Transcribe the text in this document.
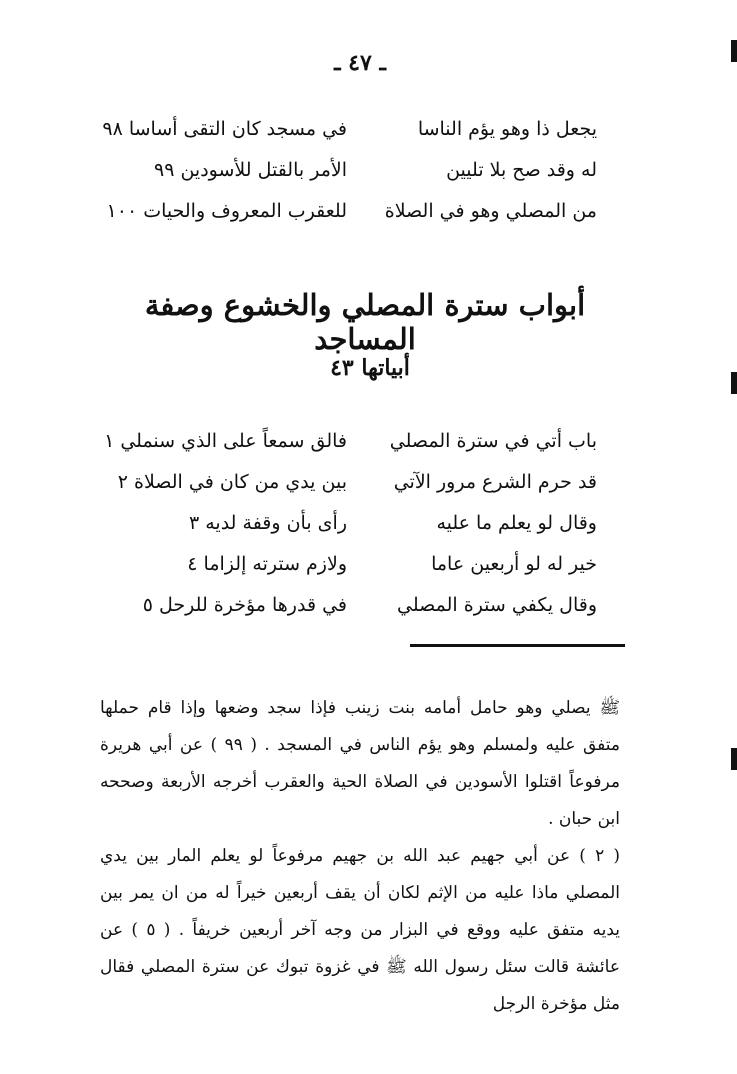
ـ ٤٧ ـ
يجعل ذا وهو يؤم الناسا
في مسجد كان التقى أساسا ٩٨
له وقد صح بلا تليين
الأمر بالقتل للأسودين ٩٩
من المصلي وهو في الصلاة
للعقرب المعروف والحيات ١٠٠
أبواب سترة المصلي والخشوع وصفة المساجد
أبياتها ٤٣
باب أتي في سترة المصلي
فالق سمعاً على الذي سنملي ١
قد حرم الشرع مرور الآتي
بين يدي من كان في الصلاة ٢
وقال لو يعلم ما عليه
رأى بأن وقفة لديه ٣
خير له لو أربعين عاما
ولازم سترته إلزاما ٤
وقال يكفي سترة المصلي
في قدرها مؤخرة للرحل ٥

ﷺ يصلي وهو حامل أمامه بنت زينب فإذا سجد وضعها وإذا قام حملها متفق عليه ولمسلم وهو يؤم الناس في المسجد . ( ٩٩ ) عن أبي هريرة مرفوعاً اقتلوا الأسودين في الصلاة الحية والعقرب أخرجه الأربعة وصححه ابن حبان .

( ٢ ) عن أبي جهيم عبد الله بن جهيم مرفوعاً لو يعلم المار بين يدي المصلي ماذا عليه من الإثم لكان أن يقف أربعين خيراً له من ان يمر بين يديه متفق عليه ووقع في البزار من وجه آخر أربعين خريفاً . ( ٥ ) عن عائشة قالت سئل رسول الله ﷺ في غزوة تبوك عن سترة المصلي فقال مثل مؤخرة الرجل
